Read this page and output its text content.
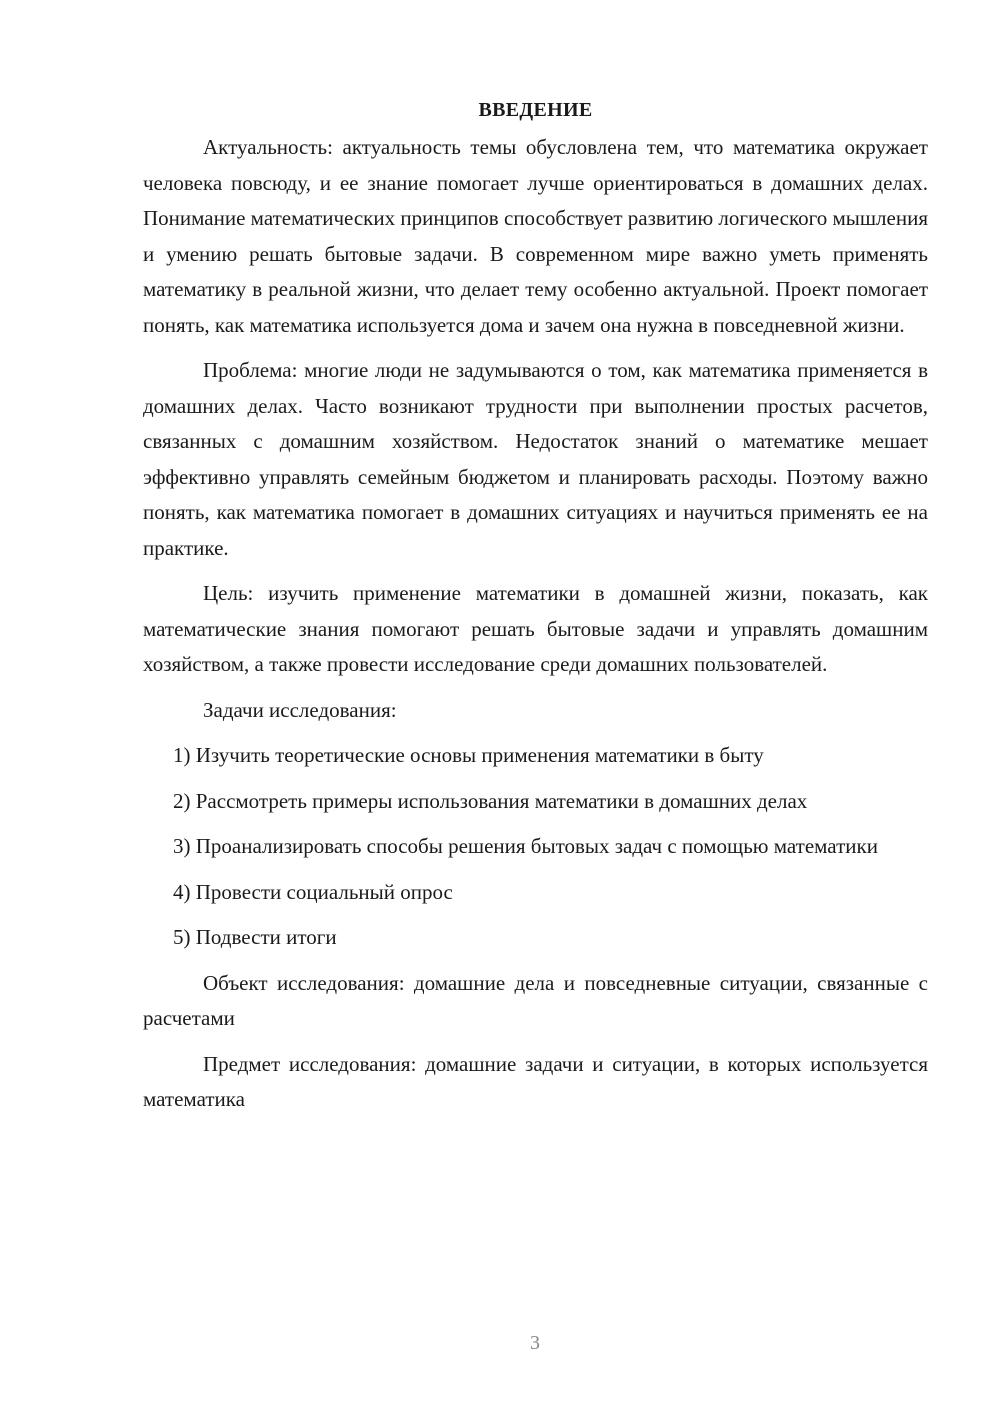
ВВЕДЕНИЕ

Актуальность: актуальность темы обусловлена тем, что математика окружает человека повсюду, и ее знание помогает лучше ориентироваться в домашних делах. Понимание математических принципов способствует развитию логического мышления и умению решать бытовые задачи. В современном мире важно уметь применять математику в реальной жизни, что делает тему особенно актуальной. Проект помогает понять, как математика используется дома и зачем она нужна в повседневной жизни.

Проблема: многие люди не задумываются о том, как математика применяется в домашних делах. Часто возникают трудности при выполнении простых расчетов, связанных с домашним хозяйством. Недостаток знаний о математике мешает эффективно управлять семейным бюджетом и планировать расходы. Поэтому важно понять, как математика помогает в домашних ситуациях и научиться применять ее на практике.

Цель: изучить применение математики в домашней жизни, показать, как математические знания помогают решать бытовые задачи и управлять домашним хозяйством, а также провести исследование среди домашних пользователей.

Задачи исследования:

1) Изучить теоретические основы применения математики в быту

2) Рассмотреть примеры использования математики в домашних делах

3) Проанализировать способы решения бытовых задач с помощью математики

4) Провести социальный опрос

5) Подвести итоги

Объект исследования: домашние дела и повседневные ситуации, связанные с расчетами

Предмет исследования: домашние задачи и ситуации, в которых используется математика

3
